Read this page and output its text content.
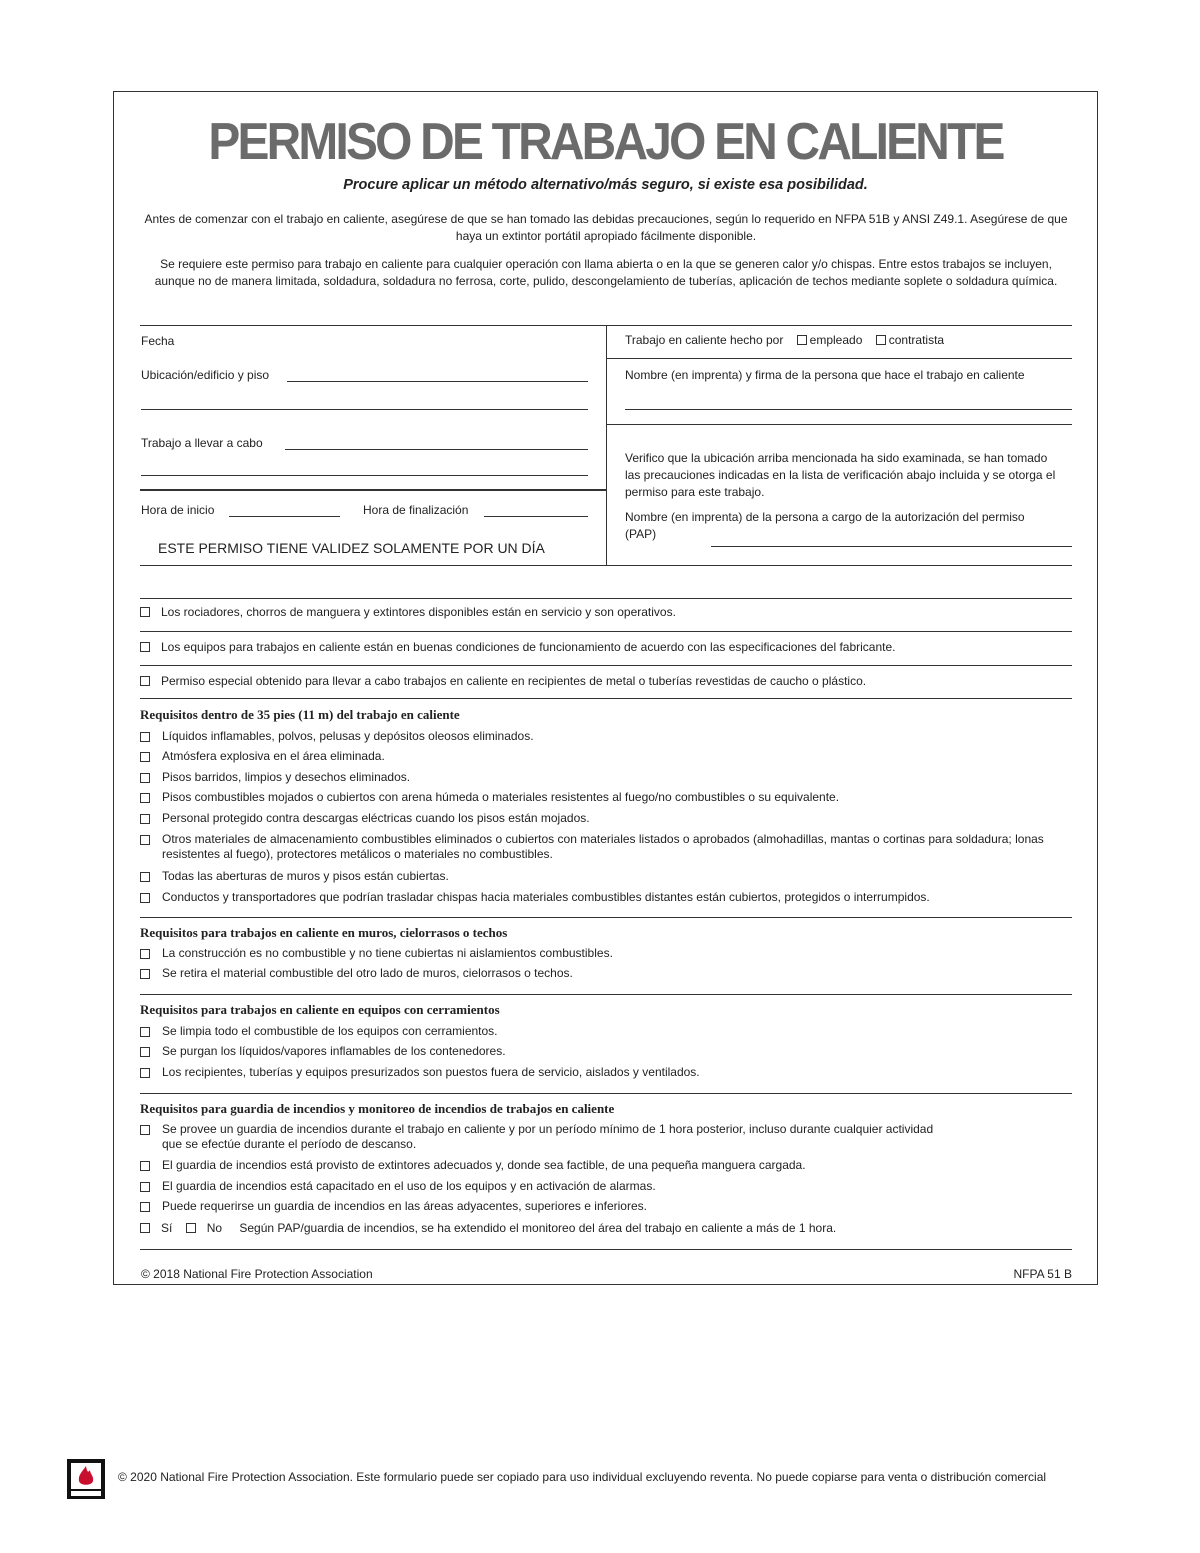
PERMISO DE TRABAJO EN CALIENTE
Procure aplicar un método alternativo/más seguro, si existe esa posibilidad.
Antes de comenzar con el trabajo en caliente, asegúrese de que se han tomado las debidas precauciones, según lo requerido en NFPA 51B y ANSI Z49.1. Asegúrese de que haya un extintor portátil apropiado fácilmente disponible.
Se requiere este permiso para trabajo en caliente para cualquier operación con llama abierta o en la que se generen calor y/o chispas. Entre estos trabajos se incluyen, aunque no de manera limitada, soldadura, soldadura no ferrosa, corte, pulido, descongelamiento de tuberías, aplicación de techos mediante soplete o soldadura química.
Fecha
Ubicación/edificio y piso
Trabajo a llevar a cabo
Hora de inicio	Hora de finalización
ESTE PERMISO TIENE VALIDEZ SOLAMENTE POR UN DÍA
Trabajo en caliente hecho por empleado contratista
Nombre (en imprenta) y firma de la persona que hace el trabajo en caliente
Verifico que la ubicación arriba mencionada ha sido examinada, se han tomado las precauciones indicadas en la lista de verificación abajo incluida y se otorga el permiso para este trabajo.
Nombre (en imprenta) de la persona a cargo de la autorización del permiso (PAP)
Los rociadores, chorros de manguera y extintores disponibles están en servicio y son operativos.
Los equipos para trabajos en caliente están en buenas condiciones de funcionamiento de acuerdo con las especificaciones del fabricante.
Permiso especial obtenido para llevar a cabo trabajos en caliente en recipientes de metal o tuberías revestidas de caucho o plástico.
Requisitos dentro de 35 pies (11 m) del trabajo en caliente
Líquidos inflamables, polvos, pelusas y depósitos oleosos eliminados.
Atmósfera explosiva en el área eliminada.
Pisos barridos, limpios y desechos eliminados.
Pisos combustibles mojados o cubiertos con arena húmeda o materiales resistentes al fuego/no combustibles o su equivalente.
Personal protegido contra descargas eléctricas cuando los pisos están mojados.
Otros materiales de almacenamiento combustibles eliminados o cubiertos con materiales listados o aprobados (almohadillas, mantas o cortinas para soldadura; lonas resistentes al fuego), protectores metálicos o materiales no combustibles.
Todas las aberturas de muros y pisos están cubiertas.
Conductos y transportadores que podrían trasladar chispas hacia materiales combustibles distantes están cubiertos, protegidos o interrumpidos.
Requisitos para trabajos en caliente en muros, cielorrasos o techos
La construcción es no combustible y no tiene cubiertas ni aislamientos combustibles.
Se retira el material combustible del otro lado de muros, cielorrasos o techos.
Requisitos para trabajos en caliente en equipos con cerramientos
Se limpia todo el combustible de los equipos con cerramientos.
Se purgan los líquidos/vapores inflamables de los contenedores.
Los recipientes, tuberías y equipos presurizados son puestos fuera de servicio, aislados y ventilados.
Requisitos para guardia de incendios y monitoreo de incendios de trabajos en caliente
Se provee un guardia de incendios durante el trabajo en caliente y por un período mínimo de 1 hora posterior, incluso durante cualquier actividad que se efectúe durante el período de descanso.
El guardia de incendios está provisto de extintores adecuados y, donde sea factible, de una pequeña manguera cargada.
El guardia de incendios está capacitado en el uso de los equipos y en activación de alarmas.
Puede requerirse un guardia de incendios en las áreas adyacentes, superiores e inferiores.
Sí	No Según PAP/guardia de incendios, se ha extendido el monitoreo del área del trabajo en caliente a más de 1 hora.
© 2018 National Fire Protection Association	NFPA 51 B
© 2020 National Fire Protection Association. Este formulario puede ser copiado para uso individual excluyendo reventa. No puede copiarse para venta o distribución comercial
